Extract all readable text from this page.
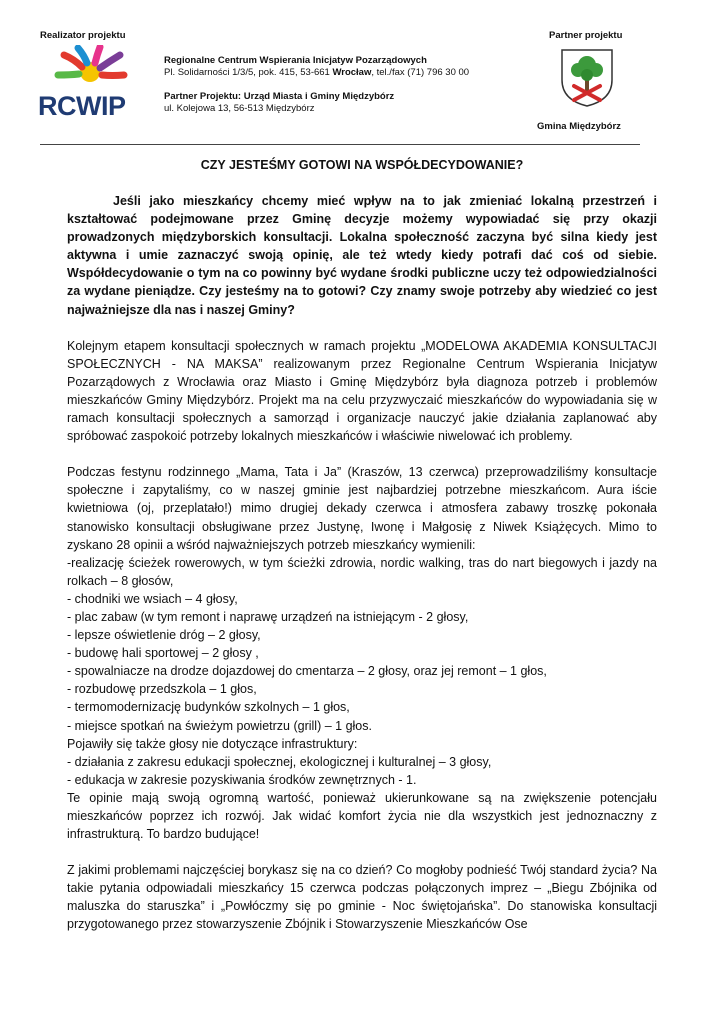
Realizator projektu	Partner projektu
RCWIP
Regionalne Centrum Wspierania Inicjatyw Pozarządowych
Pl. Solidarności 1/3/5, pok. 415, 53-661 Wrocław, tel./fax (71) 796 30 00
Partner Projektu: Urząd Miasta i Gminy Międzybórz
ul. Kolejowa 13, 56-513 Międzybórz
Gmina Międzybórz
CZY JESTEŚMY GOTOWI NA WSPÓŁDECYDOWANIE?

Jeśli jako mieszkańcy chcemy mieć wpływ na to jak zmieniać lokalną przestrzeń i kształtować podejmowane przez Gminę decyzje możemy wypowiadać się przy okazji prowadzonych międzyborskich konsultacji. Lokalna społeczność zaczyna być silna kiedy jest aktywna i umie zaznaczyć swoją opinię, ale też wtedy kiedy potrafi dać coś od siebie. Współdecydowanie o tym na co powinny być wydane środki publiczne uczy też odpowiedzialności za wydane pieniądze. Czy jesteśmy na to gotowi? Czy znamy swoje potrzeby aby wiedzieć co jest najważniejsze dla nas i naszej Gminy?

Kolejnym etapem konsultacji społecznych w ramach projektu „MODELOWA AKADEMIA KONSULTACJI SPOŁECZNYCH - NA MAKSA” realizowanym przez Regionalne Centrum Wspierania Inicjatyw Pozarządowych z Wrocławia oraz Miasto i Gminę Międzybórz była diagnoza potrzeb i problemów mieszkańców Gminy Międzybórz. Projekt ma na celu przyzwyczaić mieszkańców do wypowiadania się w ramach konsultacji społecznych a samorząd i organizacje nauczyć jakie działania zaplanować aby spróbować zaspokoić potrzeby lokalnych mieszkańców i właściwie niwelować ich problemy.

Podczas festynu rodzinnego „Mama, Tata i Ja” (Kraszów, 13 czerwca) przeprowadziliśmy konsultacje społeczne i zapytaliśmy, co w naszej gminie jest najbardziej potrzebne mieszkańcom. Aura iście kwietniowa (oj, przeplatało!) mimo drugiej dekady czerwca i atmosfera zabawy troszkę pokonała stanowisko konsultacji obsługiwane przez Justynę, Iwonę i Małgosię z Niwek Książęcych. Mimo to zyskano 28 opinii a wśród najważniejszych potrzeb mieszkańcy wymienili:

-realizację ścieżek rowerowych, w tym ścieżki zdrowia, nordic walking, tras do nart biegowych i jazdy na rolkach – 8 głosów,
- chodniki we wsiach – 4 głosy,
- plac zabaw (w tym remont i naprawę urządzeń na istniejącym - 2 głosy,
- lepsze oświetlenie dróg – 2 głosy,
- budowę hali sportowej – 2 głosy ,
- spowalniacze na drodze dojazdowej do cmentarza – 2 głosy, oraz jej remont – 1 głos,
- rozbudowę przedszkola – 1 głos,
- termomodernizację budynków szkolnych – 1 głos,
- miejsce spotkań na świeżym powietrzu (grill) – 1 głos.
Pojawiły się także głosy nie dotyczące infrastruktury:
- działania z zakresu edukacji społecznej, ekologicznej i kulturalnej – 3 głosy,
- edukacja w zakresie pozyskiwania środków zewnętrznych - 1.

Te opinie mają swoją ogromną wartość, ponieważ ukierunkowane są na zwiększenie potencjału mieszkańców poprzez ich rozwój. Jak widać komfort życia nie dla wszystkich jest jednoznaczny z infrastrukturą. To bardzo budujące!

Z jakimi problemami najczęściej borykasz się na co dzień? Co mogłoby podnieść Twój standard życia? Na takie pytania odpowiadali mieszkańcy 15 czerwca podczas połączonych imprez – „Biegu Zbójnika od maluszka do staruszka” i „Powłóczmy się po gminie - Noc świętojańska”. Do stanowiska konsultacji przygotowanego przez stowarzyszenie Zbójnik i Stowarzyszenie Mieszkańców Ose
